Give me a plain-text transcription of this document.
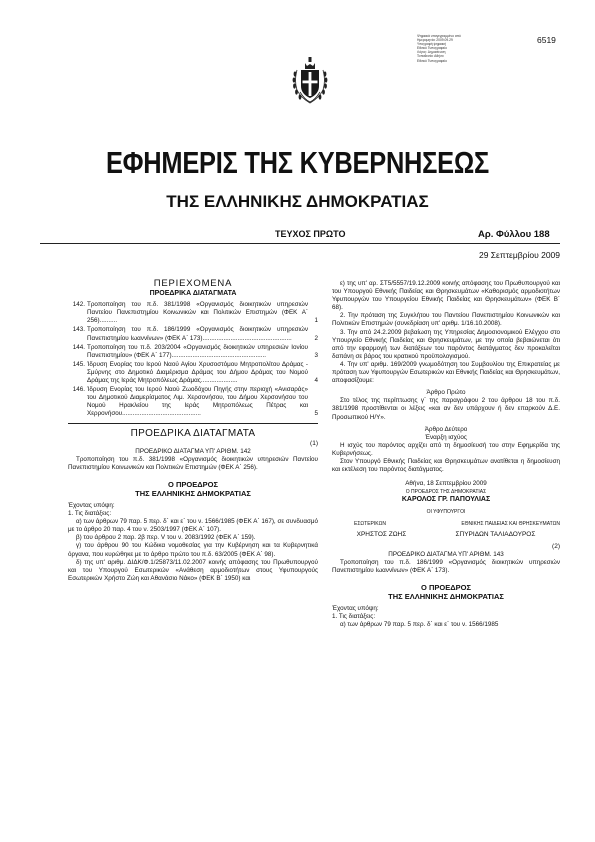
Ψηφιακά υπογεγραμμένο από
Ημερομηνία: 2009.09.29
Υπογραφή ψηφιακή
Εθνικό Τυπογραφείο
Λόγος: Δημοσίευση
Τοποθεσία: Αθήνα
Εθνικό Τυπογραφείο
6519
ΕΦΗΜΕΡΙΣ ΤΗΣ ΚΥΒΕΡΝΗΣΕΩΣ
ΤΗΣ ΕΛΛΗΝΙΚΗΣ ΔΗΜΟΚΡΑΤΙΑΣ
ΤΕΥΧΟΣ ΠΡΩΤΟ	Αρ. Φύλλου 188
29 Σεπτεμβρίου 2009
ΠΕΡΙΕΧΟΜΕΝΑ
ΠΡΟΕΔΡΙΚΑ ΔΙΑΤΑΓΜΑΤΑ
142. Τροποποίηση του π.δ. 381/1998 «Οργανισμός διοικητικών υπηρεσιών Παντείου Πανεπιστημίου Κοινωνικών και Πολιτικών Επιστημών (ΦΕΚ Α΄ 256)..........	1
143. Τροποποίηση του π.δ. 186/1999 «Οργανισμός διοικητικών υπηρεσιών Πανεπιστημίου Ιωαννίνων» (ΦΕΚ Α΄ 173)...................................................	2
144. Τροποποίηση του π.δ. 203/2004 «Οργανισμός διοικητικών υπηρεσιών Ιονίου Πανεπιστημίου» (ΦΕΚ Α΄ 177)......................................................	3
145. Ίδρυση Ενορίας του Ιερού Ναού Αγίου Χρυσοστόμου Μητροπολίτου Δράμας - Σμύρνης στο Δημοτικό Διαμέρισμα Δράμας του Δήμου Δράμας του Νομού Δράμας της Ιεράς Μητροπόλεως Δράμας.....................	4
146. Ίδρυση Ενορίας του Ιερού Ναού Ζωοδόχου Πηγής στην περιοχή «Ανισαράς» του Δημοτικού Διαμερίσματος Λιμ. Χερσονήσου, του Δήμου Χερσονήσου του Νομού Ηρακλείου της Ιεράς Μητροπόλεως Πέτρας και Χερρονήσου.............................................	5
ΠΡΟΕΔΡΙΚΑ ΔΙΑΤΑΓΜΑΤΑ
(1)
ΠΡΟΕΔΡΙΚΟ ΔΙΑΤΑΓΜΑ ΥΠ' ΑΡΙΘΜ. 142
Τροποποίηση του π.δ. 381/1998 «Οργανισμός διοικητικών υπηρεσιών Παντείου Πανεπιστημίου Κοινωνικών και Πολιτικών Επιστημών (ΦΕΚ Α΄ 256).
Ο ΠΡΟΕΔΡΟΣ
ΤΗΣ ΕΛΛΗΝΙΚΗΣ ΔΗΜΟΚΡΑΤΙΑΣ
Έχοντας υπόψη:
1. Τις διατάξεις:
α) των άρθρων 79 παρ. 5 περ. δ΄ και ε΄ του ν. 1566/1985 (ΦΕΚ Α΄ 167), σε συνδυασμό με το άρθρο 20 παρ. 4 του ν. 2503/1997 (ΦΕΚ Α΄ 107).
β) του άρθρου 2 παρ. 2β περ. V του ν. 2083/1992 (ΦΕΚ Α΄ 159).
γ) του άρθρου 90 του Κώδικα νομοθεσίας για την Κυβέρνηση και τα Κυβερνητικά όργανα, που κυρώθηκε με το άρθρο πρώτο του π.δ. 63/2005 (ΦΕΚ Α΄ 98).
δ) της υπ' αριθμ. ΔΙΔΚ/Φ.1/25873/11.02.2007 κοινής απόφασης του Πρωθυπουργού και του Υπουργού Εσωτερικών «Ανάθεση αρμοδιοτήτων στους Υφυπουργούς Εσωτερικών Χρήστο Ζώη και Αθανάσιο Νάκο» (ΦΕΚ Β΄ 1950) και
ε) της υπ' αρ. ΣΤ5/5557/19.12.2009 κοινής απόφασης του Πρωθυπουργού και του Υπουργού Εθνικής Παιδείας και Θρησκευμάτων «Καθορισμός αρμοδιοτήτων Υφυπουργών του Υπουργείου Εθνικής Παιδείας και Θρησκευμάτων» (ΦΕΚ Β΄ 68).
2. Την πρόταση της Συγκλήτου του Παντείου Πανεπιστημίου Κοινωνικών και Πολιτικών Επιστημών (συνεδρίαση υπ' αριθμ. 1/16.10.2008).
3. Την από 24.2.2009 βεβαίωση της Υπηρεσίας Δημοσιονομικού Ελέγχου στο Υπουργείο Εθνικής Παιδείας και Θρησκευμάτων, με την οποία βεβαιώνεται ότι από την εφαρμογή των διατάξεων του παρόντος διατάγματος δεν προκαλείται δαπάνη σε βάρος του κρατικού προϋπολογισμού.
4. Την υπ' αριθμ. 169/2009 γνωμοδότηση του Συμβουλίου της Επικρατείας με πρόταση των Υφυπουργών Εσωτερικών και Εθνικής Παιδείας και Θρησκευμάτων, αποφασίζουμε:
Άρθρο Πρώτο
Στο τέλος της περίπτωσης γ΄ της παραγράφου 2 του άρθρου 18 του π.δ. 381/1998 προστίθενται οι λέξεις «και αν δεν υπάρχουν ή δεν επαρκούν Δ.Ε. Προσωπικού Η/Υ».
Άρθρο Δεύτερο
Έναρξη ισχύος
Η ισχύς του παρόντος αρχίζει από τη δημοσίευσή του στην Εφημερίδα της Κυβερνήσεως.
Στον Υπουργό Εθνικής Παιδείας και Θρησκευμάτων ανατίθεται η δημοσίευση και εκτέλεση του παρόντος διατάγματος.
Αθήνα, 18 Σεπτεμβρίου 2009
Ο ΠΡΟΕΔΡΟΣ ΤΗΣ ΔΗΜΟΚΡΑΤΙΑΣ
ΚΑΡΟΛΟΣ ΓΡ. ΠΑΠΟΥΛΙΑΣ
ΟΙ ΥΦΥΠΟΥΡΓΟΙ
ΕΣΩΤΕΡΙΚΩΝ	ΕΘΝΙΚΗΣ ΠΑΙΔΕΙΑΣ ΚΑΙ ΘΡΗΣΚΕΥΜΑΤΩΝ
ΧΡΗΣΤΟΣ ΖΩΗΣ	ΣΠΥΡΙΔΩΝ ΤΑΛΙΑΔΟΥΡΟΣ
(2)
ΠΡΟΕΔΡΙΚΟ ΔΙΑΤΑΓΜΑ ΥΠ' ΑΡΙΘΜ. 143
Τροποποίηση του π.δ. 186/1999 «Οργανισμός διοικητικών υπηρεσιών Πανεπιστημίου Ιωαννίνων» (ΦΕΚ Α΄ 173).
Ο ΠΡΟΕΔΡΟΣ
ΤΗΣ ΕΛΛΗΝΙΚΗΣ ΔΗΜΟΚΡΑΤΙΑΣ
Έχοντας υπόψη:
1. Τις διατάξεις:
α) των άρθρων 79 παρ. 5 περ. δ΄ και ε΄ του ν. 1566/1985
